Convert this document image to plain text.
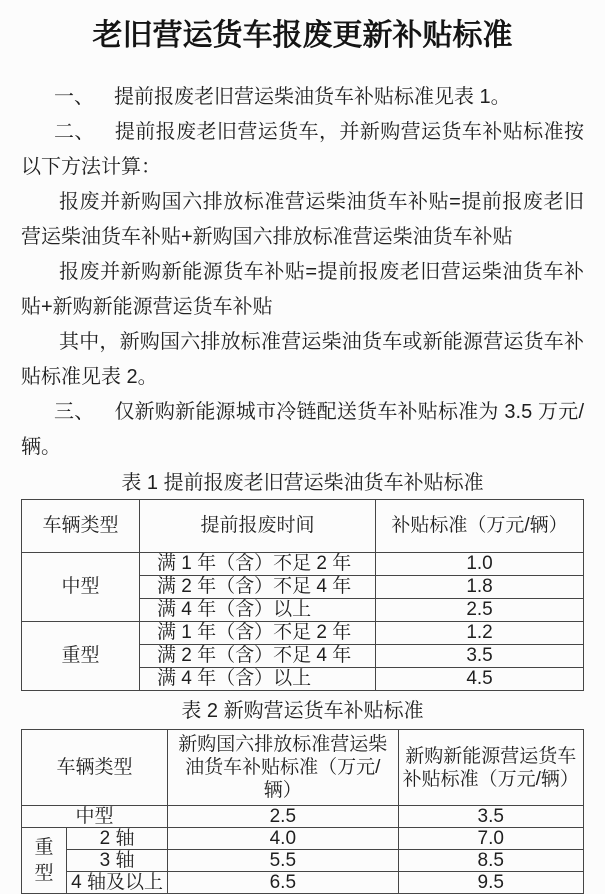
老旧营运货车报废更新补贴标准

一、 提前报废老旧营运柴油货车补贴标准见表 1。

二、 提前报废老旧营运货车，并新购营运货车补贴标准按以下方法计算：

报废并新购国六排放标准营运柴油货车补贴=提前报废老旧营运柴油货车补贴+新购国六排放标准营运柴油货车补贴

报废并新购新能源货车补贴=提前报废老旧营运柴油货车补贴+新购新能源营运货车补贴

其中，新购国六排放标准营运柴油货车或新能源营运货车补贴标准见表 2。

三、 仅新购新能源城市冷链配送货车补贴标准为 3.5 万元/辆。

表 1 提前报废老旧营运柴油货车补贴标准
车辆类型	提前报废时间	补贴标准（万元/辆）
中型	满 1 年（含）不足 2 年	1.0
	满 2 年（含）不足 4 年	1.8
	满 4 年（含）以上	2.5
重型	满 1 年（含）不足 2 年	1.2
	满 2 年（含）不足 4 年	3.5
	满 4 年（含）以上	4.5
表 2 新购营运货车补贴标准
车辆类型		新购国六排放标准营运柴油货车补贴标准（万元/辆）	新购新能源营运货车补贴标准（万元/辆）
中型		2.5	3.5
重型	2 轴	4.0	7.0
	3 轴	5.5	8.5
	4 轴及以上	6.5	9.5
